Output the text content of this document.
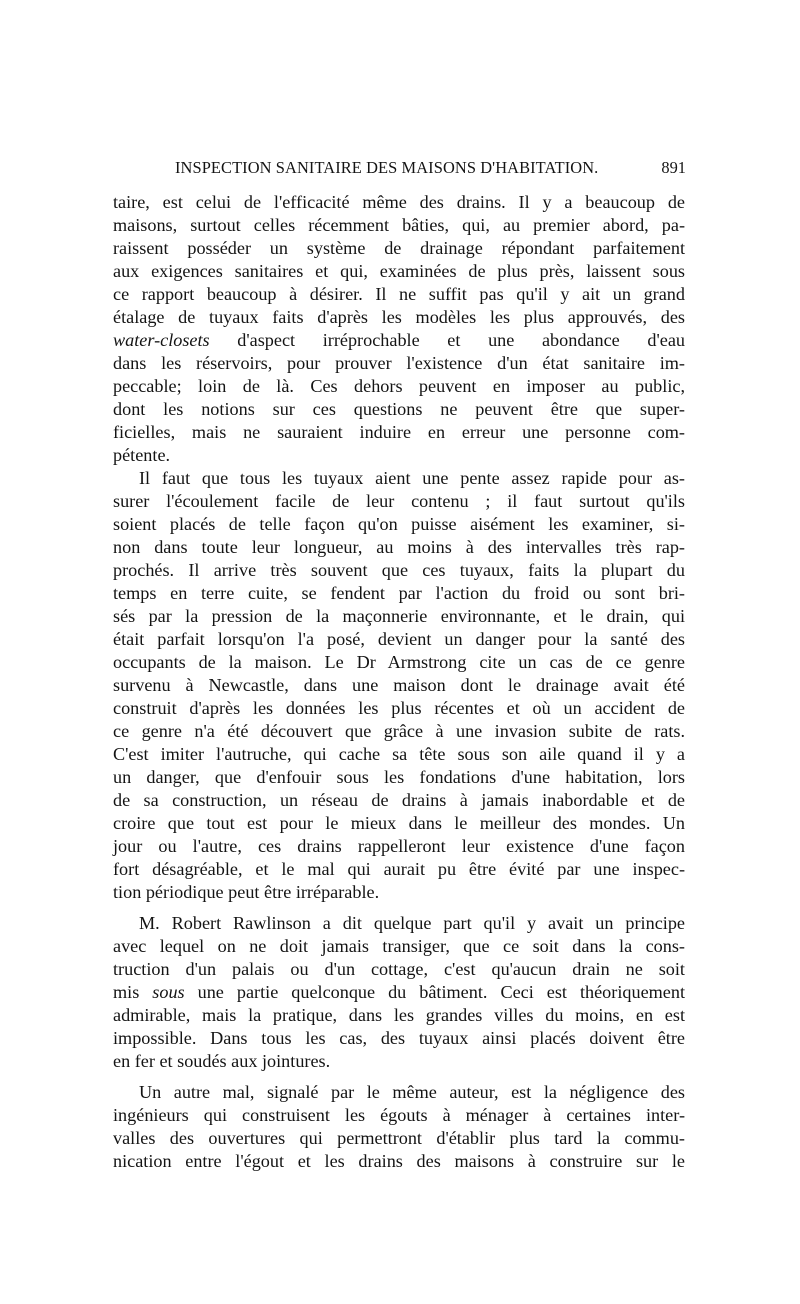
INSPECTION SANITAIRE DES MAISONS D'HABITATION.	891
taire, est celui de l'efficacité même des drains. Il y a beaucoup de
maisons, surtout celles récemment bâties, qui, au premier abord, pa-
raissent posséder un système de drainage répondant parfaitement
aux exigences sanitaires et qui, examinées de plus près, laissent sous
ce rapport beaucoup à désirer. Il ne suffit pas qu'il y ait un grand
étalage de tuyaux faits d'après les modèles les plus approuvés, des
water-closets d'aspect irréprochable et une abondance d'eau
dans les réservoirs, pour prouver l'existence d'un état sanitaire im-
peccable; loin de là. Ces dehors peuvent en imposer au public,
dont les notions sur ces questions ne peuvent être que super-
ficielles, mais ne sauraient induire en erreur une personne com-
pétente.
Il faut que tous les tuyaux aient une pente assez rapide pour as-
surer l'écoulement facile de leur contenu ; il faut surtout qu'ils
soient placés de telle façon qu'on puisse aisément les examiner, si-
non dans toute leur longueur, au moins à des intervalles très rap-
prochés. Il arrive très souvent que ces tuyaux, faits la plupart du
temps en terre cuite, se fendent par l'action du froid ou sont bri-
sés par la pression de la maçonnerie environnante, et le drain, qui
était parfait lorsqu'on l'a posé, devient un danger pour la santé des
occupants de la maison. Le Dr Armstrong cite un cas de ce genre
survenu à Newcastle, dans une maison dont le drainage avait été
construit d'après les données les plus récentes et où un accident de
ce genre n'a été découvert que grâce à une invasion subite de rats.
C'est imiter l'autruche, qui cache sa tête sous son aile quand il y a
un danger, que d'enfouir sous les fondations d'une habitation, lors
de sa construction, un réseau de drains à jamais inabordable et de
croire que tout est pour le mieux dans le meilleur des mondes. Un
jour ou l'autre, ces drains rappelleront leur existence d'une façon
fort désagréable, et le mal qui aurait pu être évité par une inspec-
tion périodique peut être irréparable.
M. Robert Rawlinson a dit quelque part qu'il y avait un principe
avec lequel on ne doit jamais transiger, que ce soit dans la cons-
truction d'un palais ou d'un cottage, c'est qu'aucun drain ne soit
mis sous une partie quelconque du bâtiment. Ceci est théoriquement
admirable, mais la pratique, dans les grandes villes du moins, en est
impossible. Dans tous les cas, des tuyaux ainsi placés doivent être
en fer et soudés aux jointures.
Un autre mal, signalé par le même auteur, est la négligence des
ingénieurs qui construisent les égouts à ménager à certaines inter-
valles des ouvertures qui permettront d'établir plus tard la commu-
nication entre l'égout et les drains des maisons à construire sur le
